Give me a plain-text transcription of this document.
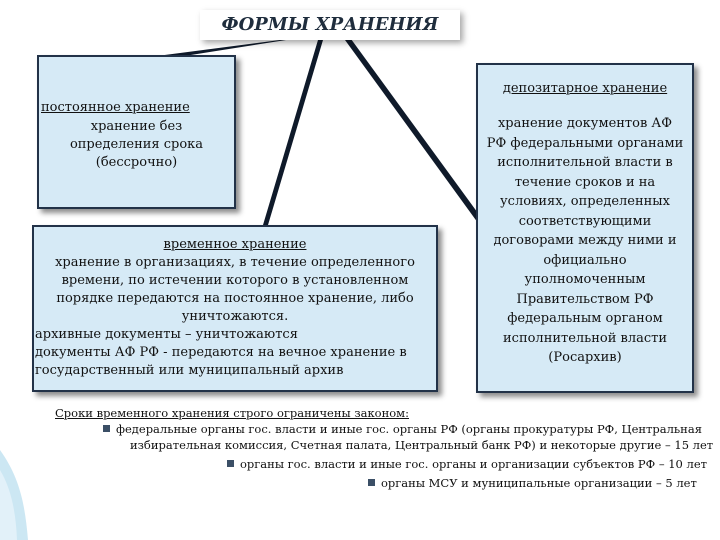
ФОРМЫ ХРАНЕНИЯ
постоянное хранение
хранение без
определения срока
(бессрочно)
временное хранение
хранение в организациях, в течение определенного
времени, по истечении которого в установленном
порядке передаются на постоянное хранение, либо
уничтожаются.
архивные документы – уничтожаются
документы АФ РФ - передаются на вечное хранение в
государственный или муниципальный архив
депозитарное хранение
хранение документов АФ
РФ федеральными органами
исполнительной власти в
течение сроков и на
условиях, определенных
соответствующими
договорами между ними и
официально
уполномоченным
Правительством РФ
федеральным органом
исполнительной власти
(Росархив)
Сроки временного хранения строго ограничены законом:
федеральные органы гос. власти и иные гос. органы РФ (органы прокуратуры РФ, Центральная
избирательная комиссия, Счетная палата, Центральный банк РФ) и некоторые другие – 15 лет
органы гос. власти и иные гос. органы и организации субъектов РФ – 10 лет
органы МСУ и муниципальные организации – 5 лет
